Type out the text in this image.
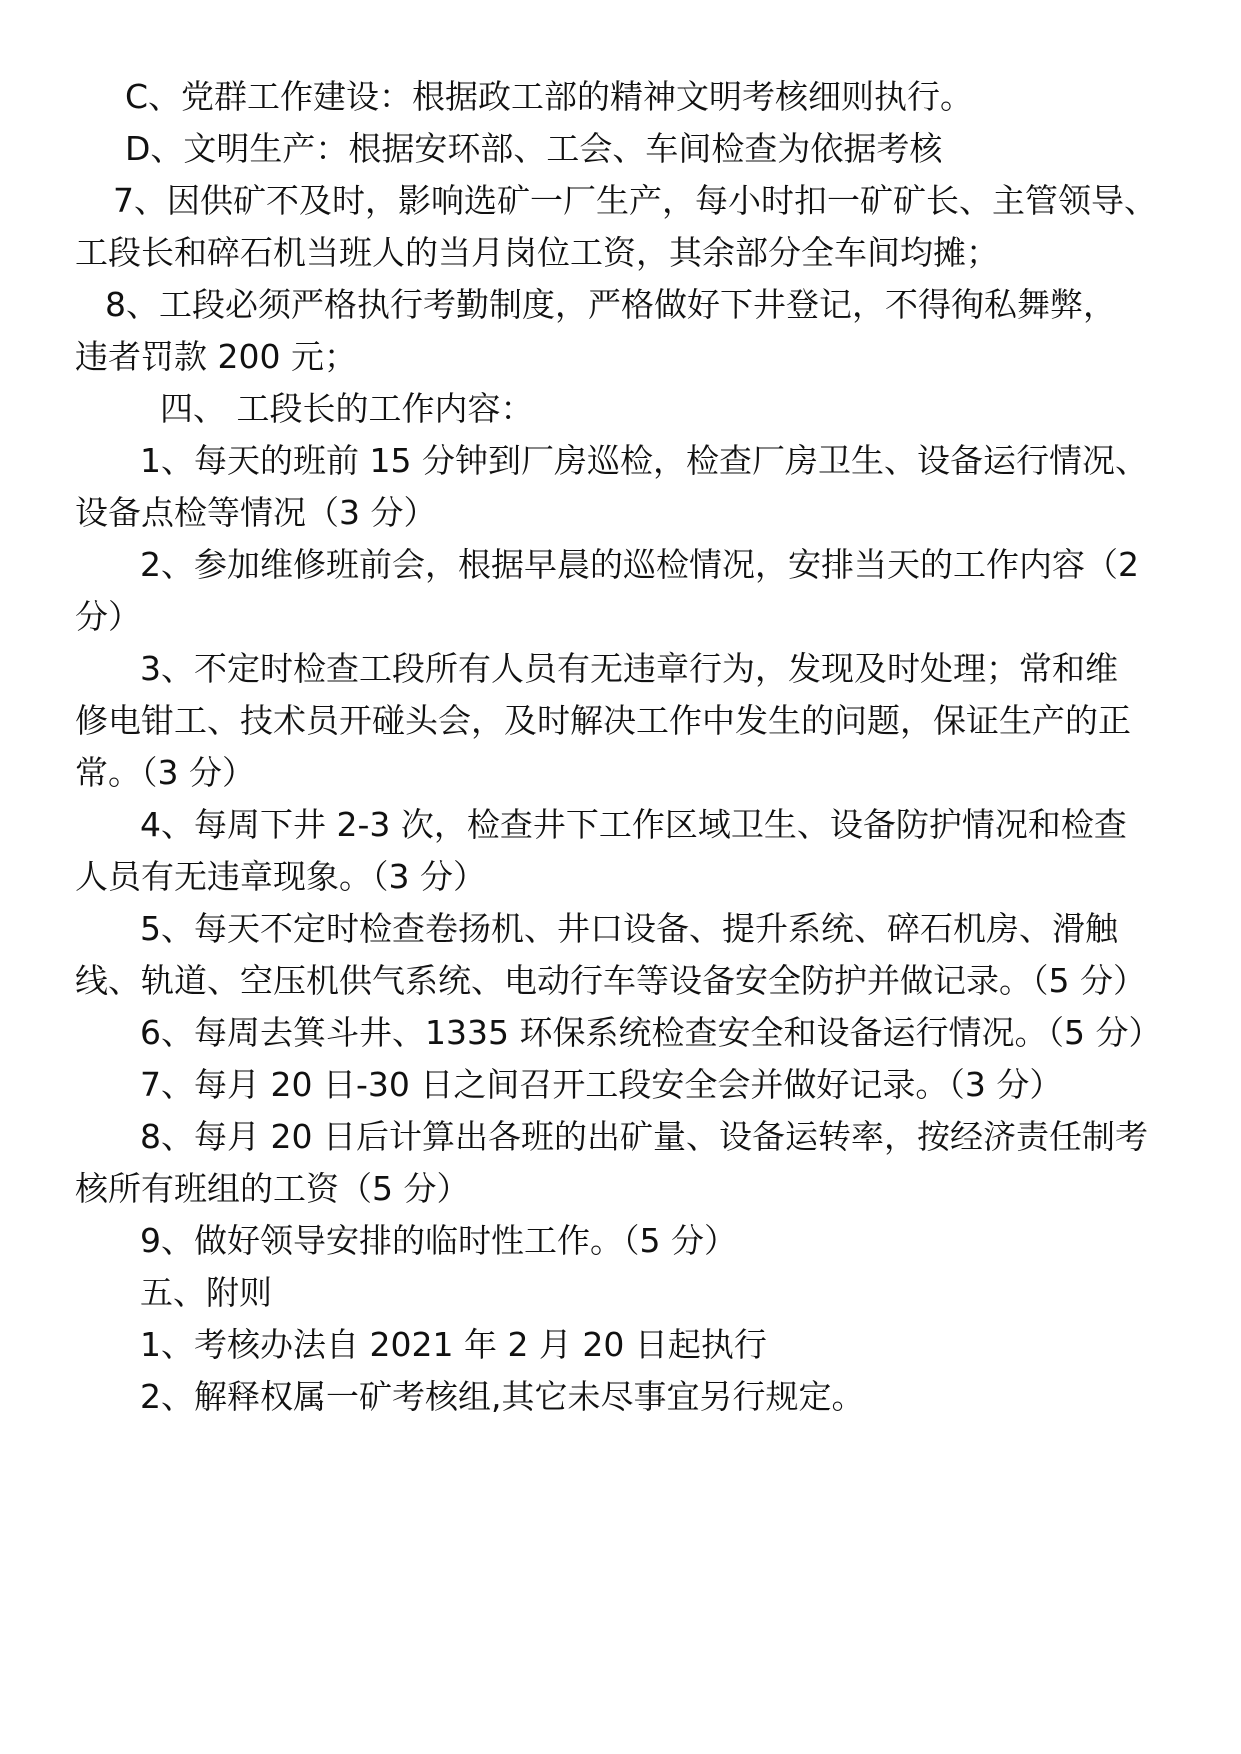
C、党群工作建设：根据政工部的精神文明考核细则执行。
D、文明生产：根据安环部、工会、车间检查为依据考核
7、因供矿不及时，影响选矿一厂生产，每小时扣一矿矿长、主管领导、
工段长和碎石机当班人的当月岗位工资，其余部分全车间均摊；
8、工段必须严格执行考勤制度，严格做好下井登记，不得徇私舞弊，
违者罚款 200 元；
四、 工段长的工作内容：
1、每天的班前 15 分钟到厂房巡检，检查厂房卫生、设备运行情况、
设备点检等情况（3 分）
2、参加维修班前会，根据早晨的巡检情况，安排当天的工作内容（2
分）
3、不定时检查工段所有人员有无违章行为，发现及时处理；常和维
修电钳工、技术员开碰头会，及时解决工作中发生的问题，保证生产的正
常。（3 分）
4、每周下井 2-3 次，检查井下工作区域卫生、设备防护情况和检查
人员有无违章现象。（3 分）
5、每天不定时检查卷扬机、井口设备、提升系统、碎石机房、滑触
线、轨道、空压机供气系统、电动行车等设备安全防护并做记录。（5 分）
6、每周去箕斗井、1335 环保系统检查安全和设备运行情况。（5 分）
7、每月 20 日-30 日之间召开工段安全会并做好记录。（3 分）
8、每月 20 日后计算出各班的出矿量、设备运转率，按经济责任制考
核所有班组的工资（5 分）
9、做好领导安排的临时性工作。（5 分）
五、附则
1、考核办法自 2021 年 2 月 20 日起执行
2、解释权属一矿考核组,其它未尽事宜另行规定。
